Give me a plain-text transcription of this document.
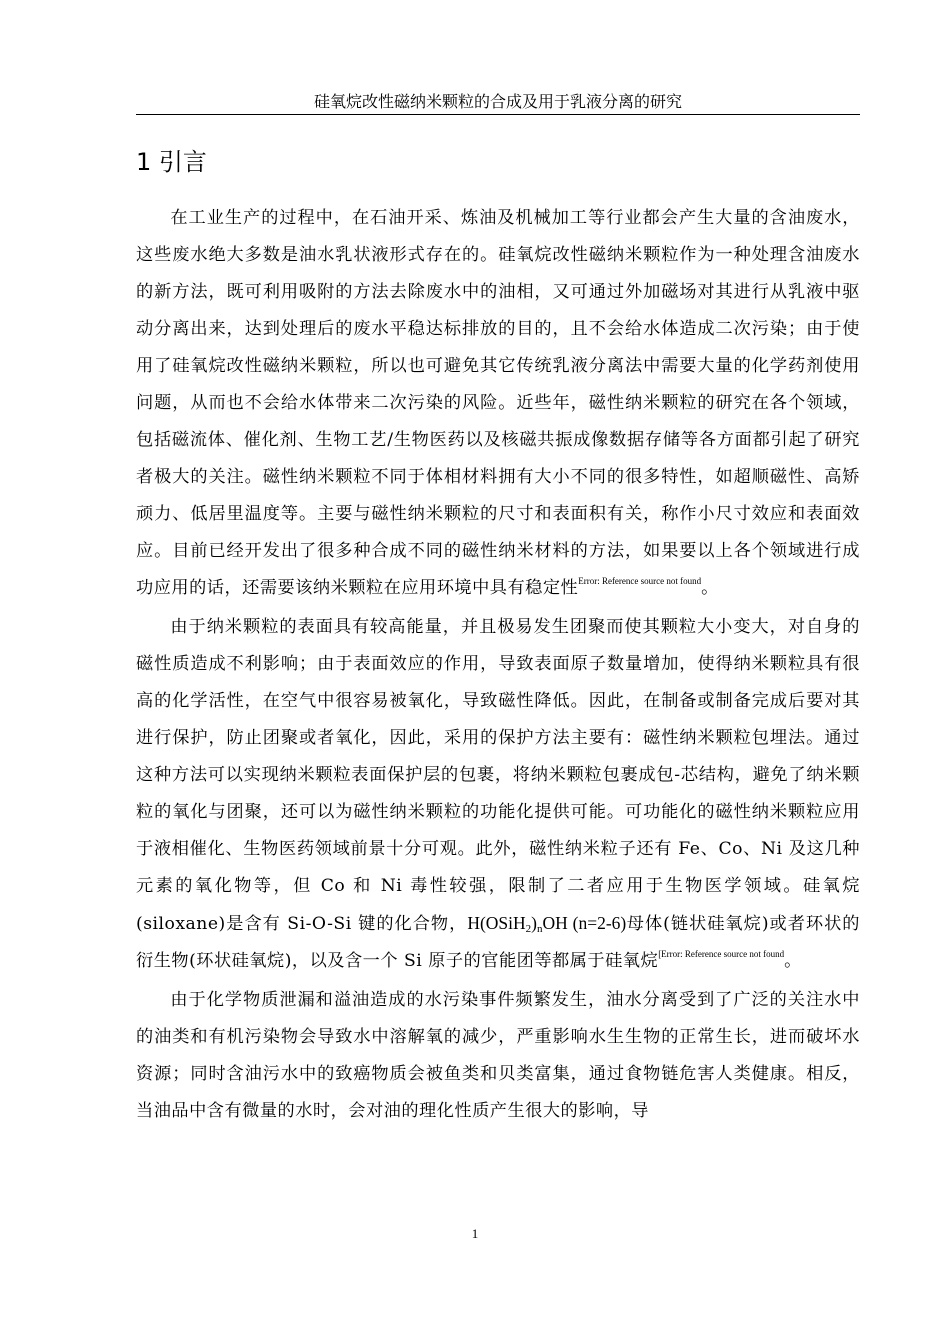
硅氧烷改性磁纳米颗粒的合成及用于乳液分离的研究
1 引言

在工业生产的过程中，在石油开采、炼油及机械加工等行业都会产生大量的含油废水，这些废水绝大多数是油水乳状液形式存在的。硅氧烷改性磁纳米颗粒作为一种处理含油废水的新方法，既可利用吸附的方法去除废水中的油相，又可通过外加磁场对其进行从乳液中驱动分离出来，达到处理后的废水平稳达标排放的目的，且不会给水体造成二次污染；由于使用了硅氧烷改性磁纳米颗粒，所以也可避免其它传统乳液分离法中需要大量的化学药剂使用问题，从而也不会给水体带来二次污染的风险。近些年，磁性纳米颗粒的研究在各个领域，包括磁流体、催化剂、生物工艺/生物医药以及核磁共振成像数据存储等各方面都引起了研究者极大的关注。磁性纳米颗粒不同于体相材料拥有大小不同的很多特性，如超顺磁性、高矫顽力、低居里温度等。主要与磁性纳米颗粒的尺寸和表面积有关，称作小尺寸效应和表面效应。目前已经开发出了很多种合成不同的磁性纳米材料的方法，如果要以上各个领域进行成功应用的话，还需要该纳米颗粒在应用环境中具有稳定性$^{Error: Reference source not found}$。

由于纳米颗粒的表面具有较高能量，并且极易发生团聚而使其颗粒大小变大，对自身的磁性质造成不利影响；由于表面效应的作用，导致表面原子数量增加，使得纳米颗粒具有很高的化学活性，在空气中很容易被氧化，导致磁性降低。因此，在制备或制备完成后要对其进行保护，防止团聚或者氧化，因此，采用的保护方法主要有：磁性纳米颗粒包埋法。通过这种方法可以实现纳米颗粒表面保护层的包裹，将纳米颗粒包裹成包-芯结构，避免了纳米颗粒的氧化与团聚，还可以为磁性纳米颗粒的功能化提供可能。可功能化的磁性纳米颗粒应用于液相催化、生物医药领域前景十分可观。此外，磁性纳米粒子还有 Fe、Co、Ni 及这几种元素的氧化物等，但 Co 和 Ni 毒性较强，限制了二者应用于生物医学领域。硅氧烷(siloxane)是含有 Si-O-Si 键的化合物，$H(OSiH_2)_nOH$ (n=2-6)母体(链状硅氧烷)或者环状的衍生物(环状硅氧烷)，以及含一个 Si 原子的官能团等都属于硅氧烷$^{[Error: Reference source not found}$。

由于化学物质泄漏和溢油造成的水污染事件频繁发生，油水分离受到了广泛的关注水中的油类和有机污染物会导致水中溶解氧的减少，严重影响水生生物的正常生长，进而破坏水资源；同时含油污水中的致癌物质会被鱼类和贝类富集，通过食物链危害人类健康。相反，当油品中含有微量的水时，会对油的理化性质产生很大的影响，导

1
